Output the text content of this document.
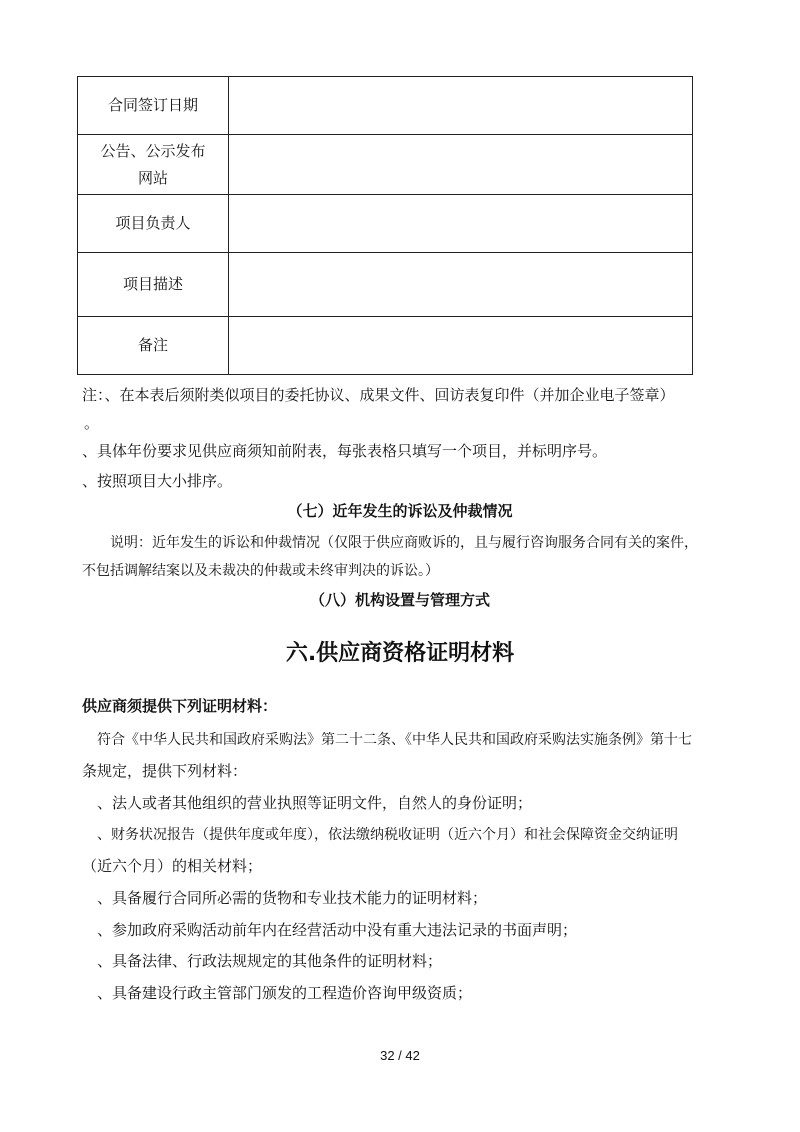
合同签订日期	

公告、公示发布网站	

项目负责人	
项目描述	
备注	
注：、在本表后须附类似项目的委托协议、成果文件、回访表复印件（并加企业电子签章）
。
、具体年份要求见供应商须知前附表，每张表格只填写一个项目，并标明序号。
、按照项目大小排序。
（七）近年发生的诉讼及仲裁情况
说明：近年发生的诉讼和仲裁情况（仅限于供应商败诉的，且与履行咨询服务合同有关的案件，
不包括调解结案以及未裁决的仲裁或未终审判决的诉讼。）
（八）机构设置与管理方式
六.供应商资格证明材料
供应商须提供下列证明材料：
符合《中华人民共和国政府采购法》第二十二条、《中华人民共和国政府采购法实施条例》第十七
条规定，提供下列材料：
、法人或者其他组织的营业执照等证明文件，自然人的身份证明；
、财务状况报告（提供年度或年度），依法缴纳税收证明（近六个月）和社会保障资金交纳证明
（近六个月）的相关材料；
、具备履行合同所必需的货物和专业技术能力的证明材料；
、参加政府采购活动前年内在经营活动中没有重大违法记录的书面声明；
、具备法律、行政法规规定的其他条件的证明材料；
、具备建设行政主管部门颁发的工程造价咨询甲级资质；
32 / 42
